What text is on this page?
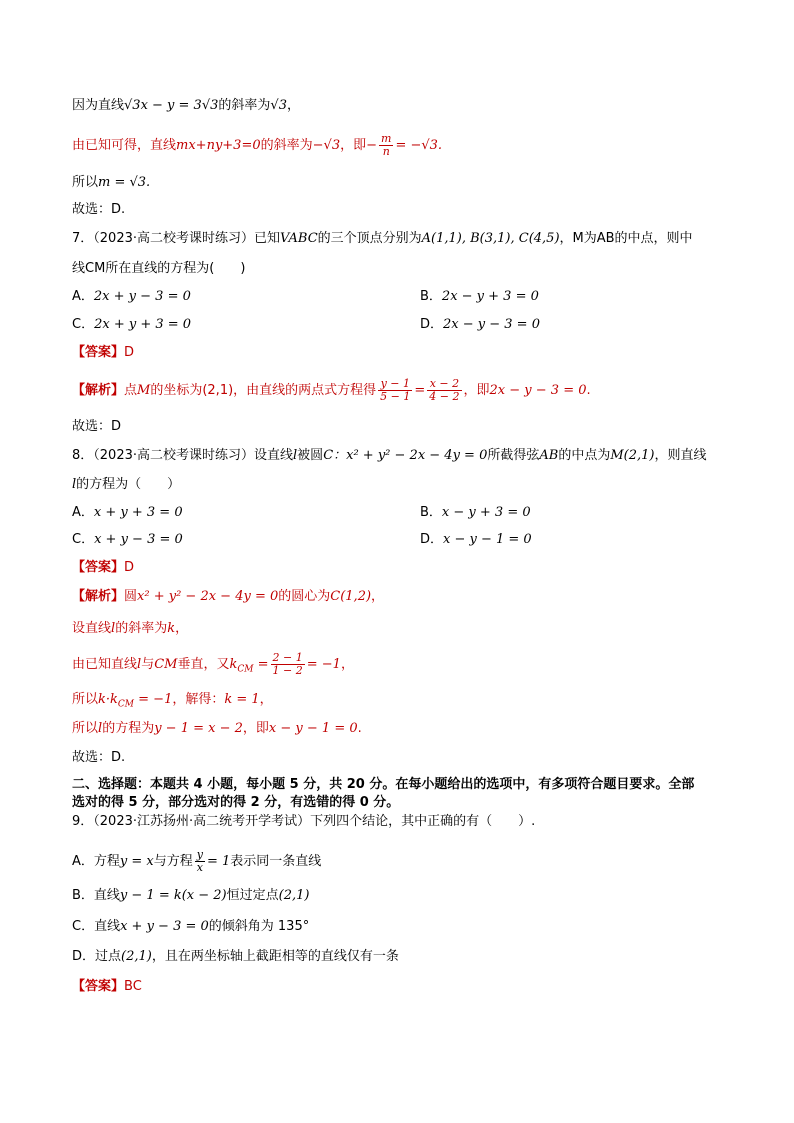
因为直线√3x − y = 3√3的斜率为√3，
由已知可得，直线mx+ny+3=0的斜率为−√3，即− $\frac{m}{n} = -√3$.
所以m = √3.
故选：D.
7．（2023·高二校考课时练习）已知VABC的三个顶点分别为A(1,1), B(3,1), C(4,5)，M为AB的中点，则中
线CM所在直线的方程为(　　)
A．2x + y − 3 = 0	B．2x − y + 3 = 0
C．2x + y + 3 = 0	D．2x − y − 3 = 0
【答案】D
【解析】点M的坐标为(2,1)，由直线的两点式方程得 $\frac{y - 1}{5 - 1} = \frac{x - 2}{4 - 2}$ ，即2x − y − 3 = 0.
故选：D
8．（2023·高二校考课时练习）设直线l被圆C：x² + y² − 2x − 4y = 0所截得弦AB的中点为M(2,1)，则直线
l的方程为（　　）
A．x + y + 3 = 0	B．x − y + 3 = 0
C．x + y − 3 = 0	D．x − y − 1 = 0
【答案】D
【解析】圆x² + y² − 2x − 4y = 0的圆心为C(1,2)，
设直线l的斜率为k，
由已知直线l与CM垂直，又$k_{CM} = \frac{2 - 1}{1 - 2} = -1$，
所以$k\cdot k_{CM} = -1$，解得：k = 1，
所以l的方程为y − 1 = x − 2，即x − y − 1 = 0.
故选：D.
二、选择题：本题共 4 小题，每小题 5 分，共 20 分。在每小题给出的选项中，有多项符合题目要求。全部
选对的得 5 分，部分选对的得 2 分，有选错的得 0 分。
9．（2023·江苏扬州·高二统考开学考试）下列四个结论，其中正确的有（　　）.
A．方程y = x与方程 $\frac{y}{x} = 1$表示同一条直线
B．直线y − 1 = k(x − 2)恒过定点(2,1)
C．直线x + y − 3 = 0的倾斜角为 135°
D．过点(2,1)，且在两坐标轴上截距相等的直线仅有一条
【答案】BC
